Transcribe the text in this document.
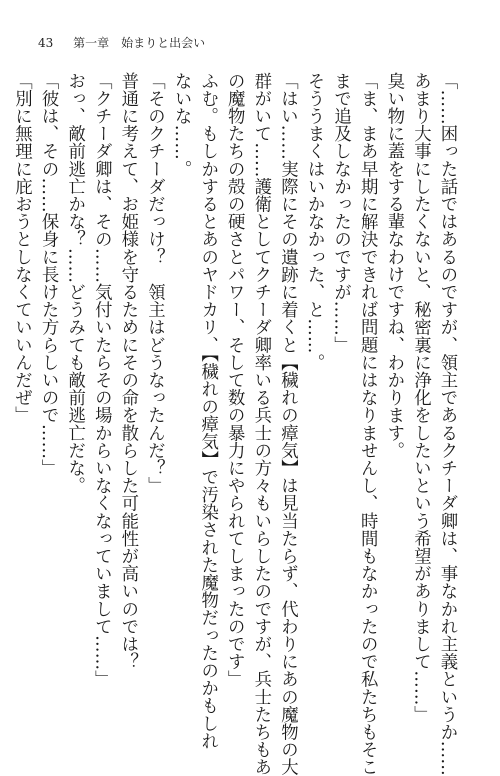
43 第一章　始まりと出会い
「……困った話ではあるのですが、領主であるクチーダ卿は、事なかれ主義というか……
あまり大事にしたくないと、秘密裏に浄化をしたいという希望がありまして……」
臭い物に蓋をする輩なわけですね、わかります。
「ま、まあ早期に解決できれば問題にはなりませんし、時間もなかったので私たちもそこ
まで追及しなかったのですが……」
そううまくはいかなかった、と……。
「はい……実際にその遺跡に着くと【穢れの瘴気】は見当たらず、代わりにあの魔物の大
群がいて……護衛としてクチーダ卿率いる兵士の方々もいらしたのですが、兵士たちもあ
の魔物たちの殻の硬さとパワー、そして数の暴力にやられてしまったのです」
ふむ。もしかするとあのヤドカリ、【穢れの瘴気】で汚染された魔物だったのかもしれ
ないな……。
「そのクチーダだっけ？　領主はどうなったんだ？」
普通に考えて、お姫様を守るためにその命を散らした可能性が高いのでは？
「クチーダ卿は、その……気付いたらその場からいなくなっていまして……」
おっ、敵前逃亡かな？……どうみても敵前逃亡だな。
「彼は、その……保身に長けた方らしいので……」
「別に無理に庇おうとしなくていいんだぜ」
